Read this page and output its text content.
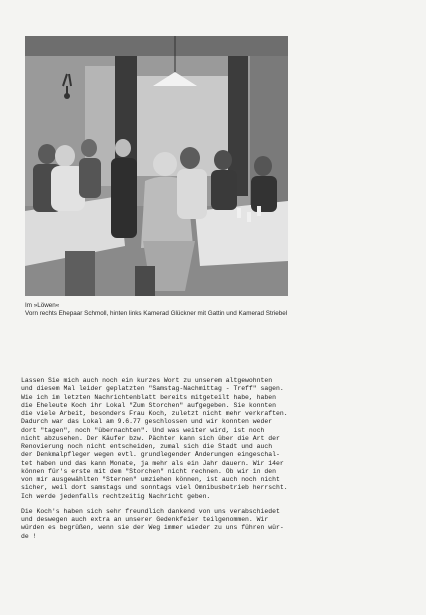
Im »Löwen«
Vorn rechts Ehepaar Schmoll, hinten links Kamerad Glückner mit Gattin und Kamerad Striebel
Lassen Sie mich auch noch ein kurzes Wort zu unserem altgewohnten
und diesem Mal leider geplatzten "Samstag-Nachmittag - Treff" sagen.
Wie ich im letzten Nachrichtenblatt bereits mitgeteilt habe, haben
die Eheleute Koch ihr Lokal "Zum Storchen" aufgegeben. Sie konnten
die viele Arbeit, besonders Frau Koch, zuletzt nicht mehr verkraften.
Dadurch war das Lokal am 9.6.77 geschlossen und wir konnten weder
dort "tagen", noch "übernachten". Und was weiter wird, ist noch
nicht abzusehen. Der Käufer bzw. Pächter kann sich über die Art der
Renovierung noch nicht entscheiden, zumal sich die Stadt und auch
der Denkmalpfleger wegen evtl. grundlegender Änderungen eingeschal-
tet haben und das kann Monate, ja mehr als ein Jahr dauern. Wir 14er
können für's erste mit dem "Storchen" nicht rechnen. Ob wir in den
von mir ausgewählten "Sternen" umziehen können, ist auch noch nicht
sicher, weil dort samstags und sonntags viel Omnibusbetrieb herrscht.
Ich werde jedenfalls rechtzeitig Nachricht geben.
Die Koch's haben sich sehr freundlich dankend von uns verabschiedet
und deswegen auch extra an unserer Gedenkfeier teilgenommen. Wir
würden es begrüßen, wenn sie der Weg immer wieder zu uns führen wür-
de !
